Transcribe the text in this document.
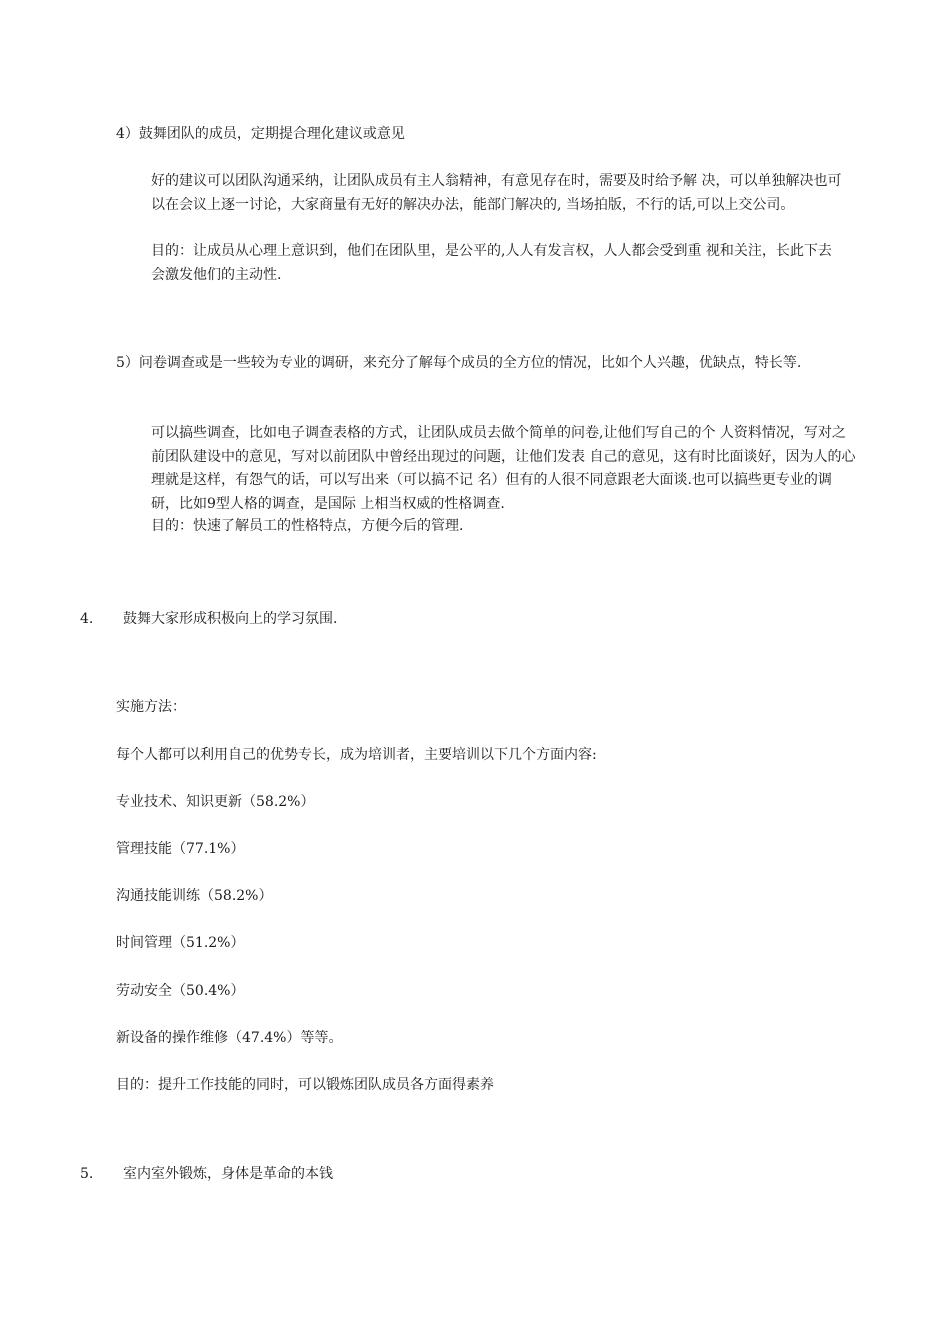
4）鼓舞团队的成员，定期提合理化建议或意见

好的建议可以团队沟通采纳，让团队成员有主人翁精神，有意见存在时，需要及时给予解 决，可以单独解决也可以在会议上逐一讨论，大家商量有无好的解决办法，能部门解决的, 当场拍版，不行的话,可以上交公司。

目的：让成员从心理上意识到，他们在团队里，是公平的,人人有发言权，人人都会受到重 视和关注，长此下去会激发他们的主动性.

5）问卷调查或是一些较为专业的调研，来充分了解每个成员的全方位的情况，比如个人兴趣，优缺点，特长等.

可以搞些调查，比如电子调查表格的方式，让团队成员去做个简单的问卷,让他们写自己的个 人资料情况，写对之前团队建设中的意见，写对以前团队中曾经出现过的问题，让他们发表 自己的意见，这有时比面谈好，因为人的心理就是这样，有怨气的话，可以写出来（可以搞不记 名）但有的人很不同意跟老大面谈.也可以搞些更专业的调研，比如9型人格的调查，是国际 上相当权威的性格调查.

目的：快速了解员工的性格特点，方便今后的管理.

4. 鼓舞大家形成积极向上的学习氛围.

实施方法：

每个人都可以利用自己的优势专长，成为培训者，主要培训以下几个方面内容:

专业技术、知识更新（58.2%）

管理技能（77.1%）

沟通技能训练（58.2%）

时间管理（51.2%）

劳动安全（50.4%）

新设备的操作维修（47.4%）等等。

目的：提升工作技能的同时，可以锻炼团队成员各方面得素养

5. 室内室外锻炼，身体是革命的本钱
